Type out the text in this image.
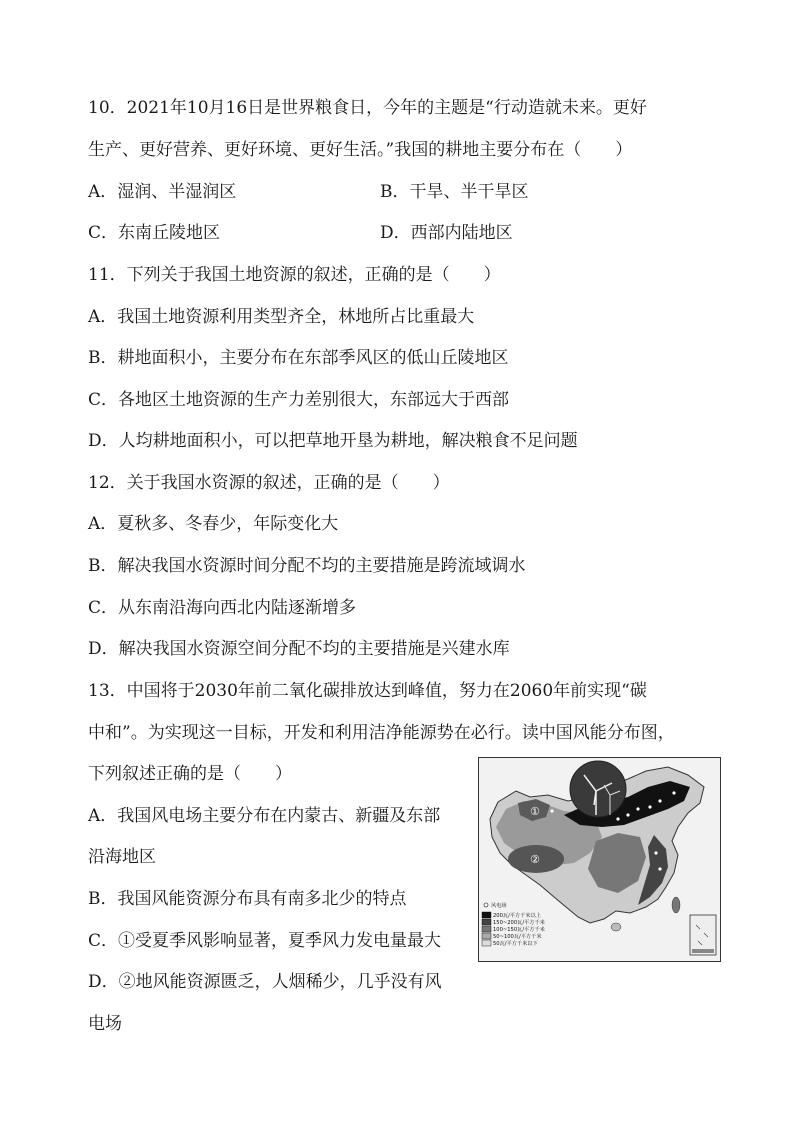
10．2021年10月16日是世界粮食日，今年的主题是“行动造就未来。更好
生产、更好营养、更好环境、更好生活。”我国的耕地主要分布在（　　）
A．湿润、半湿润区	B．干旱、半干旱区
C．东南丘陵地区	D．西部内陆地区
11．下列关于我国土地资源的叙述，正确的是（　　）
A．我国土地资源利用类型齐全，林地所占比重最大
B．耕地面积小，主要分布在东部季风区的低山丘陵地区
C．各地区土地资源的生产力差别很大，东部远大于西部
D．人均耕地面积小，可以把草地开垦为耕地，解决粮食不足问题
12．关于我国水资源的叙述，正确的是（　　）
A．夏秋多、冬春少，年际变化大
B．解决我国水资源时间分配不均的主要措施是跨流域调水
C．从东南沿海向西北内陆逐渐增多
D．解决我国水资源空间分配不均的主要措施是兴建水库
13．中国将于2030年前二氧化碳排放达到峰值，努力在2060年前实现“碳
中和”。为实现这一目标，开发和利用洁净能源势在必行。读中国风能分布图，
下列叙述正确的是（　　）
A．我国风电场主要分布在内蒙古、新疆及东部
沿海地区
B．我国风能资源分布具有南多北少的特点
C．①受夏季风影响显著，夏季风力发电量最大
D．②地风能资源匮乏，人烟稀少，几乎没有风
电场
①
②
风电场
200瓦/平方千米以上
150~200瓦/平方千米
100~150瓦/平方千米
50~100瓦/平方千米
50瓦/平方千米以下
